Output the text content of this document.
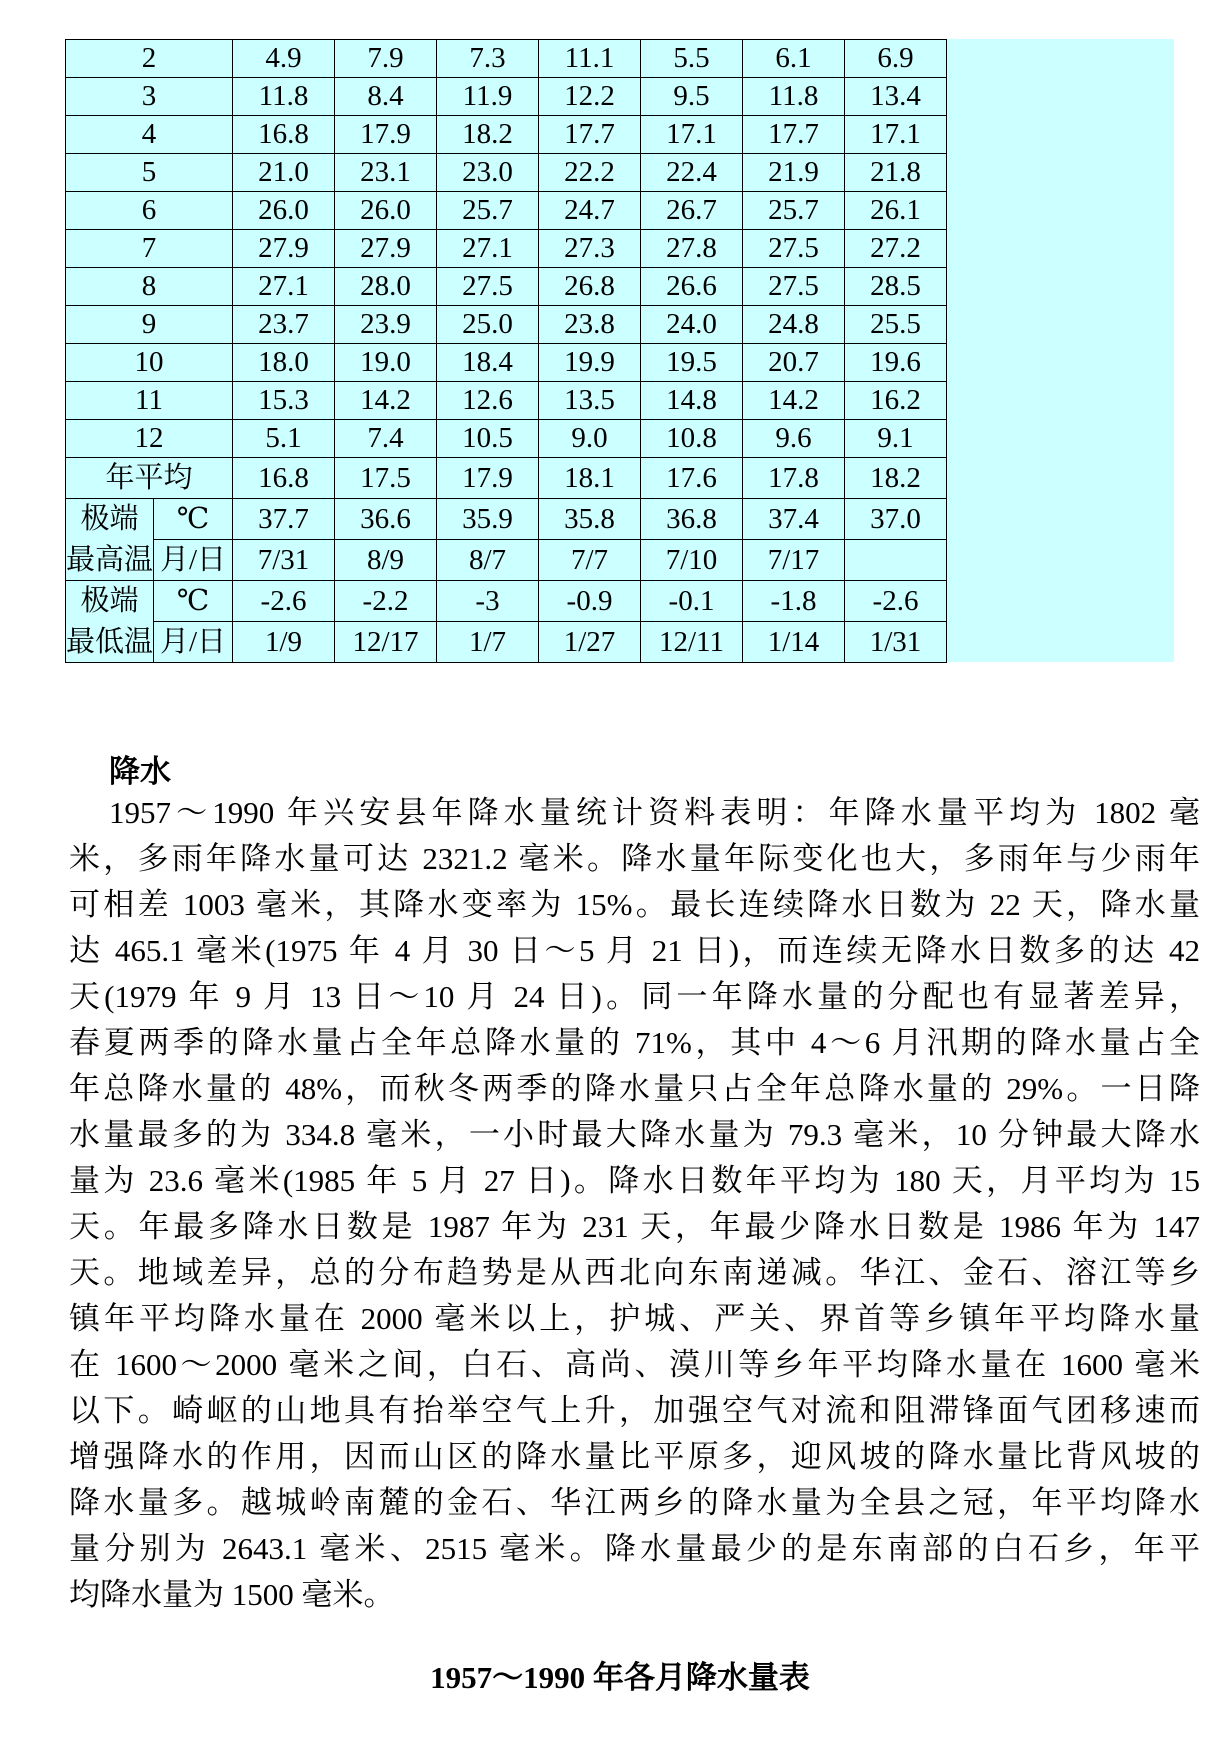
2		4.9	7.9	7.3	11.1	5.5	6.1	6.9
3		11.8	8.4	11.9	12.2	9.5	11.8	13.4
4		16.8	17.9	18.2	17.7	17.1	17.7	17.1
5		21.0	23.1	23.0	22.2	22.4	21.9	21.8
6		26.0	26.0	25.7	24.7	26.7	25.7	26.1
7		27.9	27.9	27.1	27.3	27.8	27.5	27.2
8		27.1	28.0	27.5	26.8	26.6	27.5	28.5
9		23.7	23.9	25.0	23.8	24.0	24.8	25.5
10		18.0	19.0	18.4	19.9	19.5	20.7	19.6
11		15.3	14.2	12.6	13.5	14.8	14.2	16.2
12		5.1	7.4	10.5	9.0	10.8	9.6	9.1
年平均		16.8	17.5	17.9	18.1	17.6	17.8	18.2
极端	℃	37.7	36.6	35.9	35.8	36.8	37.4	37.0
最高温	月/日	7/31	8/9	8/7	7/7	7/10	7/17	
极端	℃	-2.6	-2.2	-3	-0.9	-0.1	-1.8	-2.6
最低温	月/日	1/9	12/17	1/7	1/27	12/11	1/14	1/31
降水
1957～1990 年兴安县年降水量统计资料表明：年降水量平均为 1802 毫
米，多雨年降水量可达 2321.2 毫米。降水量年际变化也大，多雨年与少雨年
可相差 1003 毫米，其降水变率为 15%。最长连续降水日数为 22 天，降水量
达 465.1 毫米(1975 年 4 月 30 日～5 月 21 日)，而连续无降水日数多的达 42
天(1979 年 9 月 13 日～10 月 24 日)。同一年降水量的分配也有显著差异，
春夏两季的降水量占全年总降水量的 71%，其中 4～6 月汛期的降水量占全
年总降水量的 48%，而秋冬两季的降水量只占全年总降水量的 29%。一日降
水量最多的为 334.8 毫米，一小时最大降水量为 79.3 毫米，10 分钟最大降水
量为 23.6 毫米(1985 年 5 月 27 日)。降水日数年平均为 180 天，月平均为 15
天。年最多降水日数是 1987 年为 231 天，年最少降水日数是 1986 年为 147
天。地域差异，总的分布趋势是从西北向东南递减。华江、金石、溶江等乡
镇年平均降水量在 2000 毫米以上，护城、严关、界首等乡镇年平均降水量
在 1600～2000 毫米之间，白石、高尚、漠川等乡年平均降水量在 1600 毫米
以下。崎岖的山地具有抬举空气上升，加强空气对流和阻滞锋面气团移速而
增强降水的作用，因而山区的降水量比平原多，迎风坡的降水量比背风坡的
降水量多。越城岭南麓的金石、华江两乡的降水量为全县之冠，年平均降水
量分别为 2643.1 毫米、2515 毫米。降水量最少的是东南部的白石乡，年平
均降水量为 1500 毫米。
1957～1990 年各月降水量表
